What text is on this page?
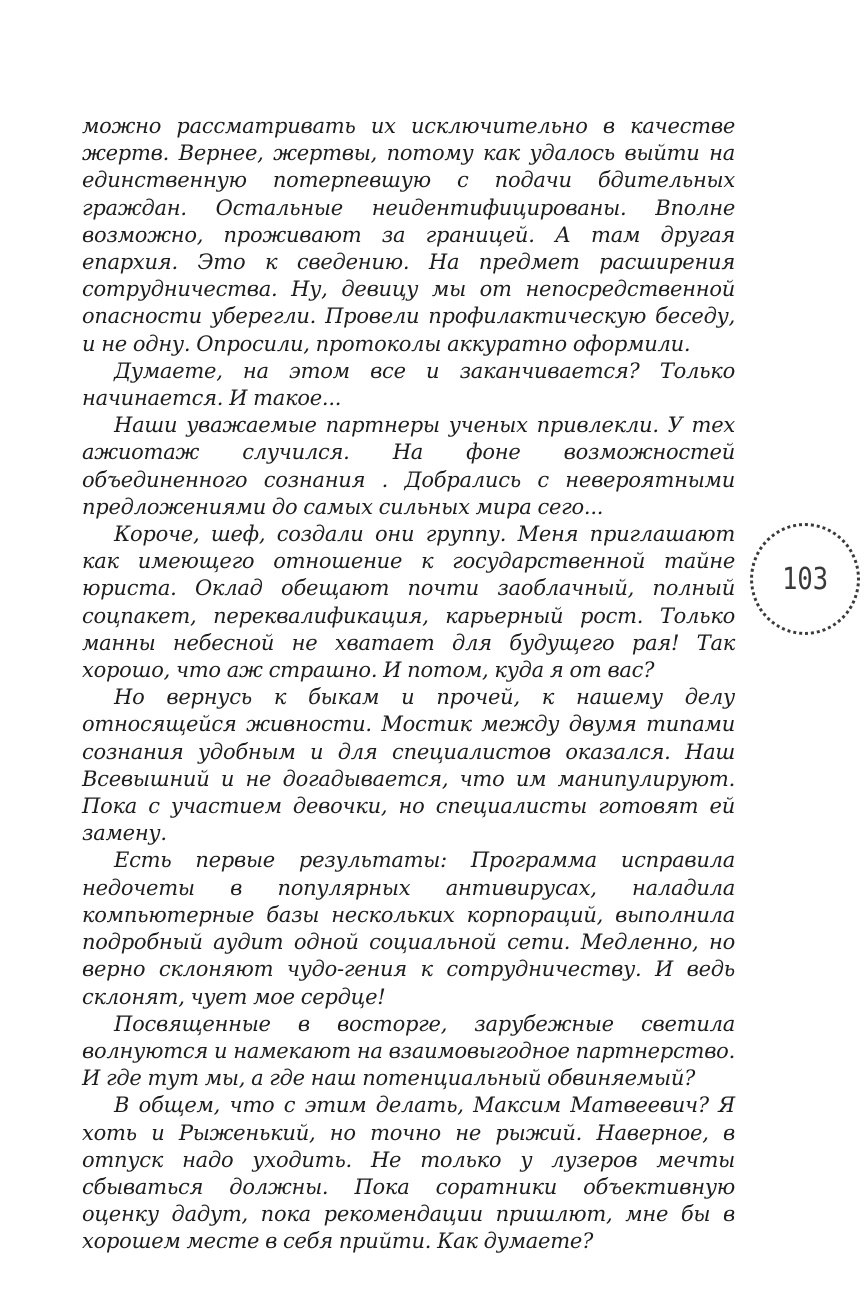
можно рассматривать их исключительно в качестве жертв. Вернее, жертвы, потому как удалось выйти на единственную потерпевшую с подачи бдительных граждан. Остальные неидентифицированы. Вполне возможно, проживают за границей. А там другая епархия. Это к сведению. На предмет расширения сотрудничества. Ну, девицу мы от непосредственной опасности уберегли. Провели профилактическую беседу, и не одну. Опросили, протоколы аккуратно оформили.

Думаете, на этом все и заканчивается? Только начинается. И такое...

Наши уважаемые партнеры ученых привлекли. У тех ажиотаж случился. На фоне возможностей объединенного сознания . Добрались с невероятными предложениями до самых сильных мира сего...

Короче, шеф, создали они группу. Меня приглашают как имеющего отношение к государственной тайне юриста. Оклад обещают почти заоблачный, полный соцпакет, переквалификация, карьерный рост. Только манны небесной не хватает для будущего рая! Так хорошо, что аж страшно. И потом, куда я от вас?

Но вернусь к быкам и прочей, к нашему делу относящейся живности. Мостик между двумя типами сознания удобным и для специалистов оказался. Наш Всевышний и не догадывается, что им манипулируют. Пока с участием девочки, но специалисты готовят ей замену.

Есть первые результаты: Программа исправила недочеты в популярных антивирусах, наладила компьютерные базы нескольких корпораций, выполнила подробный аудит одной социальной сети. Медленно, но верно склоняют чудо-гения к сотрудничеству. И ведь склонят, чует мое сердце!

Посвященные в восторге, зарубежные светила волнуются и намекают на взаимовыгодное партнерство. И где тут мы, а где наш потенциальный обвиняемый?

В общем, что с этим делать, Максим Матвеевич? Я хоть и Рыженький, но точно не рыжий. Наверное, в отпуск надо уходить. Не только у лузеров мечты сбываться должны. Пока соратники объективную оценку дадут, пока рекомендации пришлют, мне бы в хорошем месте в себя прийти. Как думаете?

103
